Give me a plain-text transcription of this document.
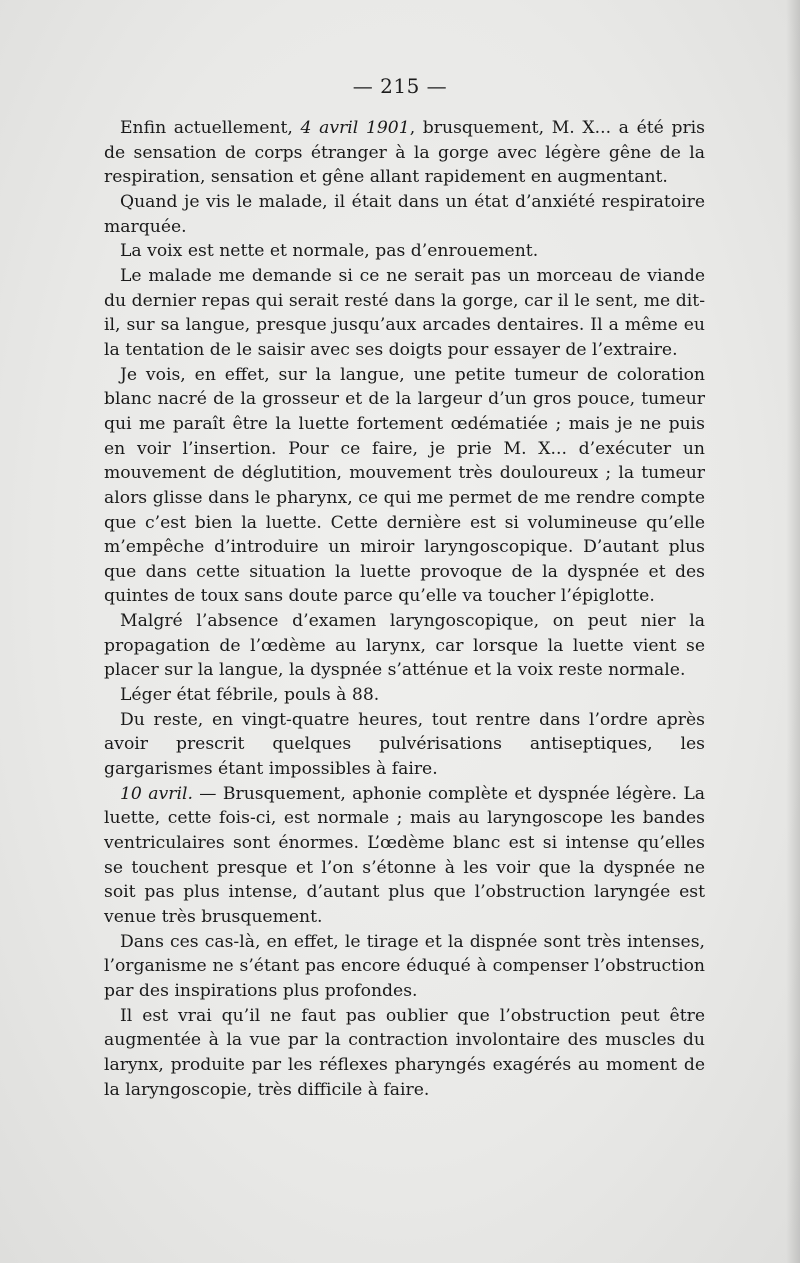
— 215 —

Enfin actuellement, 4 avril 1901, brusquement, M. X... a été pris de sensation de corps étranger à la gorge avec légère gêne de la respiration, sensation et gêne allant rapidement en augmentant.

Quand je vis le malade, il était dans un état d’anxiété respiratoire marquée.

La voix est nette et normale, pas d’enrouement.

Le malade me demande si ce ne serait pas un morceau de viande du dernier repas qui serait resté dans la gorge, car il le sent, me dit-il, sur sa langue, presque jusqu’aux arcades dentaires. Il a même eu la tentation de le saisir avec ses doigts pour essayer de l’extraire.

Je vois, en effet, sur la langue, une petite tumeur de coloration blanc nacré de la grosseur et de la largeur d’un gros pouce, tumeur qui me paraît être la luette fortement œdématiée ; mais je ne puis en voir l’insertion. Pour ce faire, je prie M. X... d’exécuter un mouvement de déglutition, mouvement très douloureux ; la tumeur alors glisse dans le pharynx, ce qui me permet de me rendre compte que c’est bien la luette. Cette dernière est si volumineuse qu’elle m’empêche d’introduire un miroir laryngoscopique. D’autant plus que dans cette situation la luette provoque de la dyspnée et des quintes de toux sans doute parce qu’elle va toucher l’épiglotte.

Malgré l’absence d’examen laryngoscopique, on peut nier la propagation de l’œdème au larynx, car lorsque la luette vient se placer sur la langue, la dyspnée s’atténue et la voix reste normale.

Léger état fébrile, pouls à 88.

Du reste, en vingt-quatre heures, tout rentre dans l’ordre après avoir prescrit quelques pulvérisations antiseptiques, les gargarismes étant impossibles à faire.

10 avril. — Brusquement, aphonie complète et dyspnée légère. La luette, cette fois-ci, est normale ; mais au laryngoscope les bandes ventriculaires sont énormes. L’œdème blanc est si intense qu’elles se touchent presque et l’on s’étonne à les voir que la dyspnée ne soit pas plus intense, d’autant plus que l’obstruction laryngée est venue très brusquement.

Dans ces cas-là, en effet, le tirage et la dispnée sont très intenses, l’organisme ne s’étant pas encore éduqué à compenser l’obstruction par des inspirations plus profondes.

Il est vrai qu’il ne faut pas oublier que l’obstruction peut être augmentée à la vue par la contraction involontaire des muscles du larynx, produite par les réflexes pharyngés exagérés au moment de la laryngoscopie, très difficile à faire.
